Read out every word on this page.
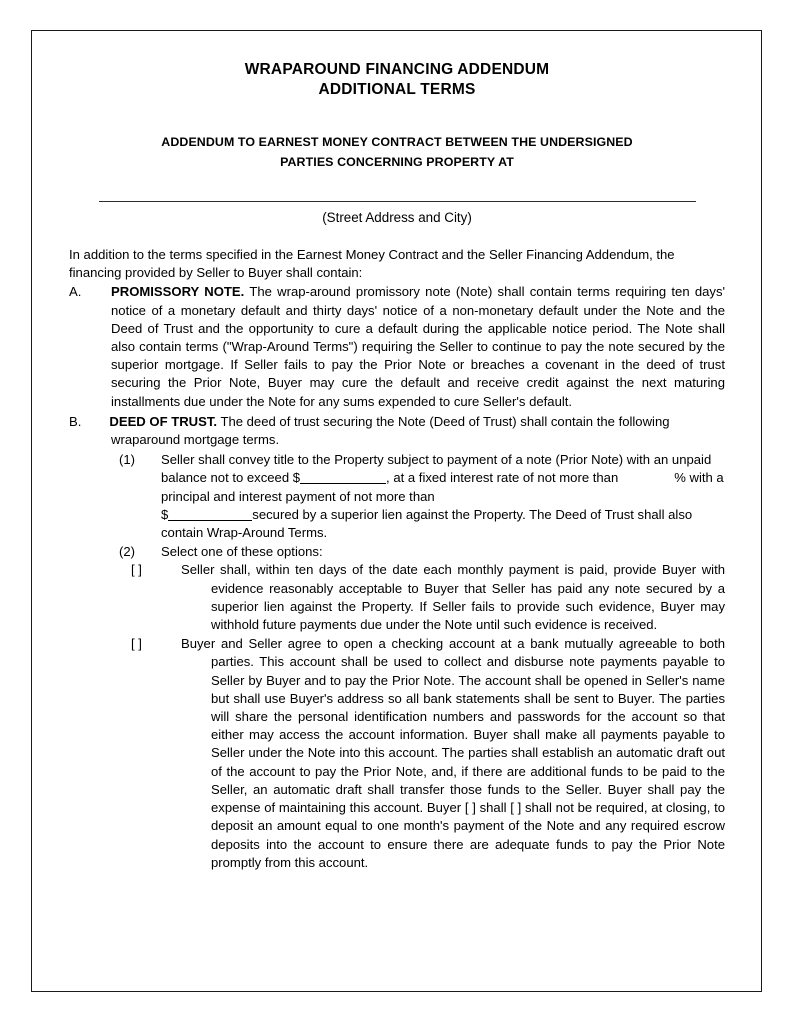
WRAPAROUND FINANCING ADDENDUM
ADDITIONAL TERMS
ADDENDUM TO EARNEST MONEY CONTRACT BETWEEN THE UNDERSIGNED
PARTIES CONCERNING PROPERTY AT
(Street Address and City)

In addition to the terms specified in the Earnest Money Contract and the Seller Financing Addendum, the financing provided by Seller to Buyer shall contain:

A.	PROMISSORY NOTE. The wrap-around promissory note (Note) shall contain terms requiring ten days' notice of a monetary default and thirty days' notice of a non-monetary default under the Note and the Deed of Trust and the opportunity to cure a default during the applicable notice period. The Note shall also contain terms ("Wrap-Around Terms") requiring the Seller to continue to pay the note secured by the superior mortgage. If Seller fails to pay the Prior Note or breaches a covenant in the deed of trust securing the Prior Note, Buyer may cure the default and receive credit against the next maturing installments due under the Note for any sums expended to cure Seller's default.
B. DEED OF TRUST. The deed of trust securing the Note (Deed of Trust) shall contain the following wraparound mortgage terms.
(1)	Seller shall convey title to the Property subject to payment of a note (Prior Note) with an unpaid balance not to exceed $	, at a fixed interest rate of not more than	% with a principal and interest payment of not more than
$	secured by a superior lien against the Property. The Deed of Trust shall also contain Wrap-Around Terms.
(2)	Select one of these options:
[ ]	Seller shall, within ten days of the date each monthly payment is paid, provide Buyer with evidence reasonably acceptable to Buyer that Seller has paid any note secured by a superior lien against the Property. If Seller fails to provide such evidence, Buyer may withhold future payments due under the Note until such evidence is received.
[ ]	Buyer and Seller agree to open a checking account at a bank mutually agreeable to both parties. This account shall be used to collect and disburse note payments payable to Seller by Buyer and to pay the Prior Note. The account shall be opened in Seller's name but shall use Buyer's address so all bank statements shall be sent to Buyer. The parties will share the personal identification numbers and passwords for the account so that either may access the account information. Buyer shall make all payments payable to Seller under the Note into this account. The parties shall establish an automatic draft out of the account to pay the Prior Note, and, if there are additional funds to be paid to the Seller, an automatic draft shall transfer those funds to the Seller. Buyer shall pay the expense of maintaining this account. Buyer [ ] shall [ ] shall not be required, at closing, to deposit an amount equal to one month's payment of the Note and any required escrow deposits into the account to ensure there are adequate funds to pay the Prior Note promptly from this account.
